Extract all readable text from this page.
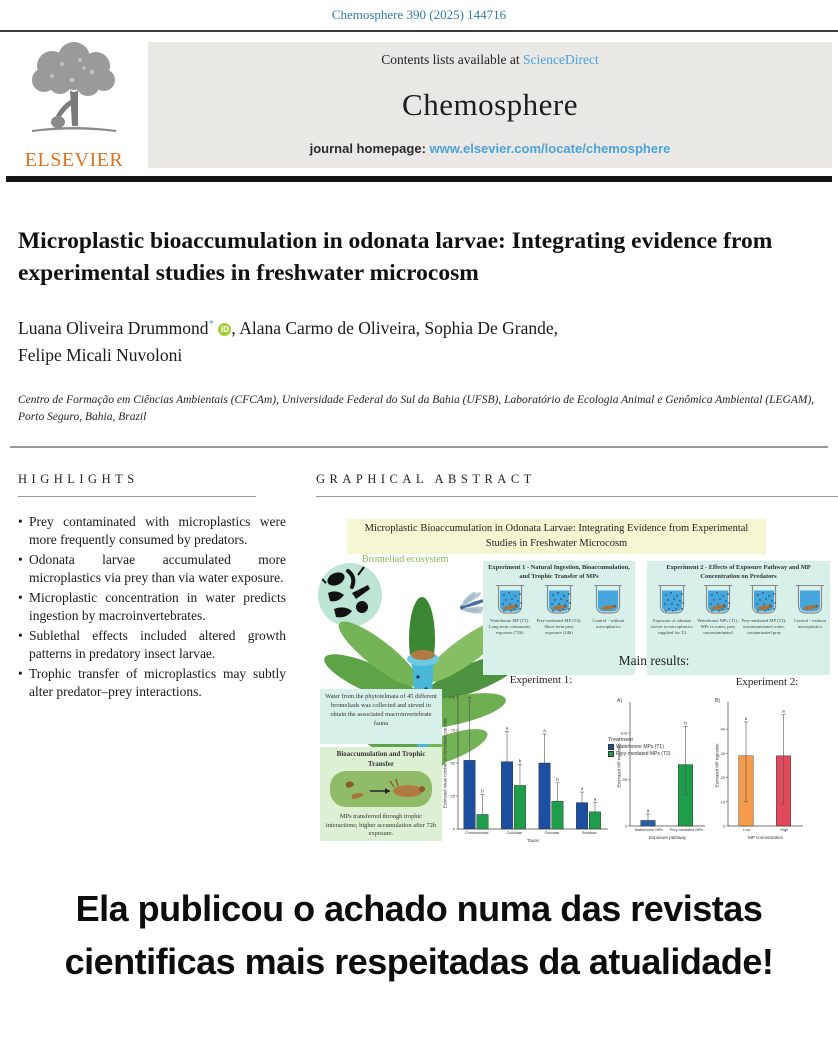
Chemosphere 390 (2025) 144716
ELSEVIER
Contents lists available at ScienceDirect
Chemosphere
journal homepage: www.elsevier.com/locate/chemosphere
Microplastic bioaccumulation in odonata larvae: Integrating evidence from experimental studies in freshwater microcosm
Luana Oliveira Drummond* iD , Alana Carmo de Oliveira, Sophia De Grande,
Felipe Micali Nuvoloni
Centro de Formação em Ciências Ambientais (CFCAm), Universidade Federal do Sul da Bahia (UFSB), Laboratório de Ecologia Animal e Genômica Ambiental (LEGAM), Porto Seguro, Bahia, Brazil
HIGHLIGHTS
• Prey contaminated with microplastics were more frequently consumed by predators.
• Odonata larvae accumulated more microplastics via prey than via water exposure.
• Microplastic concentration in water predicts ingestion by macroinvertebrates.
• Sublethal effects included altered growth patterns in predatory insect larvae.
• Trophic transfer of microplastics may subtly alter predator–prey interactions.
GRAPHICAL ABSTRACT
Microplastic Bioaccumulation in Odonata Larvae: Integrating Evidence from Experimental Studies in Freshwater Microcosm
Bromeliad ecosystem
Experiment 1 - Natural Ingestion, Bioaccumulation, and Trophic Transfer of MPs
Waterborne MP (T1): Long-term community exposure (72h)
Prey-mediated MP (T2): Short-term prey exposure (24h)
Control - without microplastics
Experiment 2 - Effects of Exposure Pathway and MP Concentration on Predators
Exposure of odonata larvae to microplastics supplied for T2
Waterborne MPs (T1): MPs in water, prey uncontaminated
Prey-mediated MP (T2): uncontaminated water, contaminated prey
Control - without microplastics
Water from the phytotelmata of 45 different bromeliads was collected and sieved to obtain the associated macroinvertebrate fauna
Bioaccumulation and Trophic Transfer
MPs transferred through trophic interactions; higher accumulation after 72h exposure.
Main results:
Experiment 1:	Experiment 2:
0
25
50
75
100	a
b
Chironomidae
a
b
Culicidae
a
b
Odonata
a
a
Scirtidae
Taxon
Estimated mean number of microplastic particles	Treatment
Waterborne MPs (T1)
Prey-mediated MPs (T2)
0
50
100
a
Waterborne MPs
b
Prey-mediated MPs
Exposure pathway
Estimated MP ingestion
A)
0
10
20
30
40
a
Low
a
High
MP concentration
Estimated MP ingestion
B)
Ela publicou o achado numa das revistas cientificas mais respeitadas da atualidade!
